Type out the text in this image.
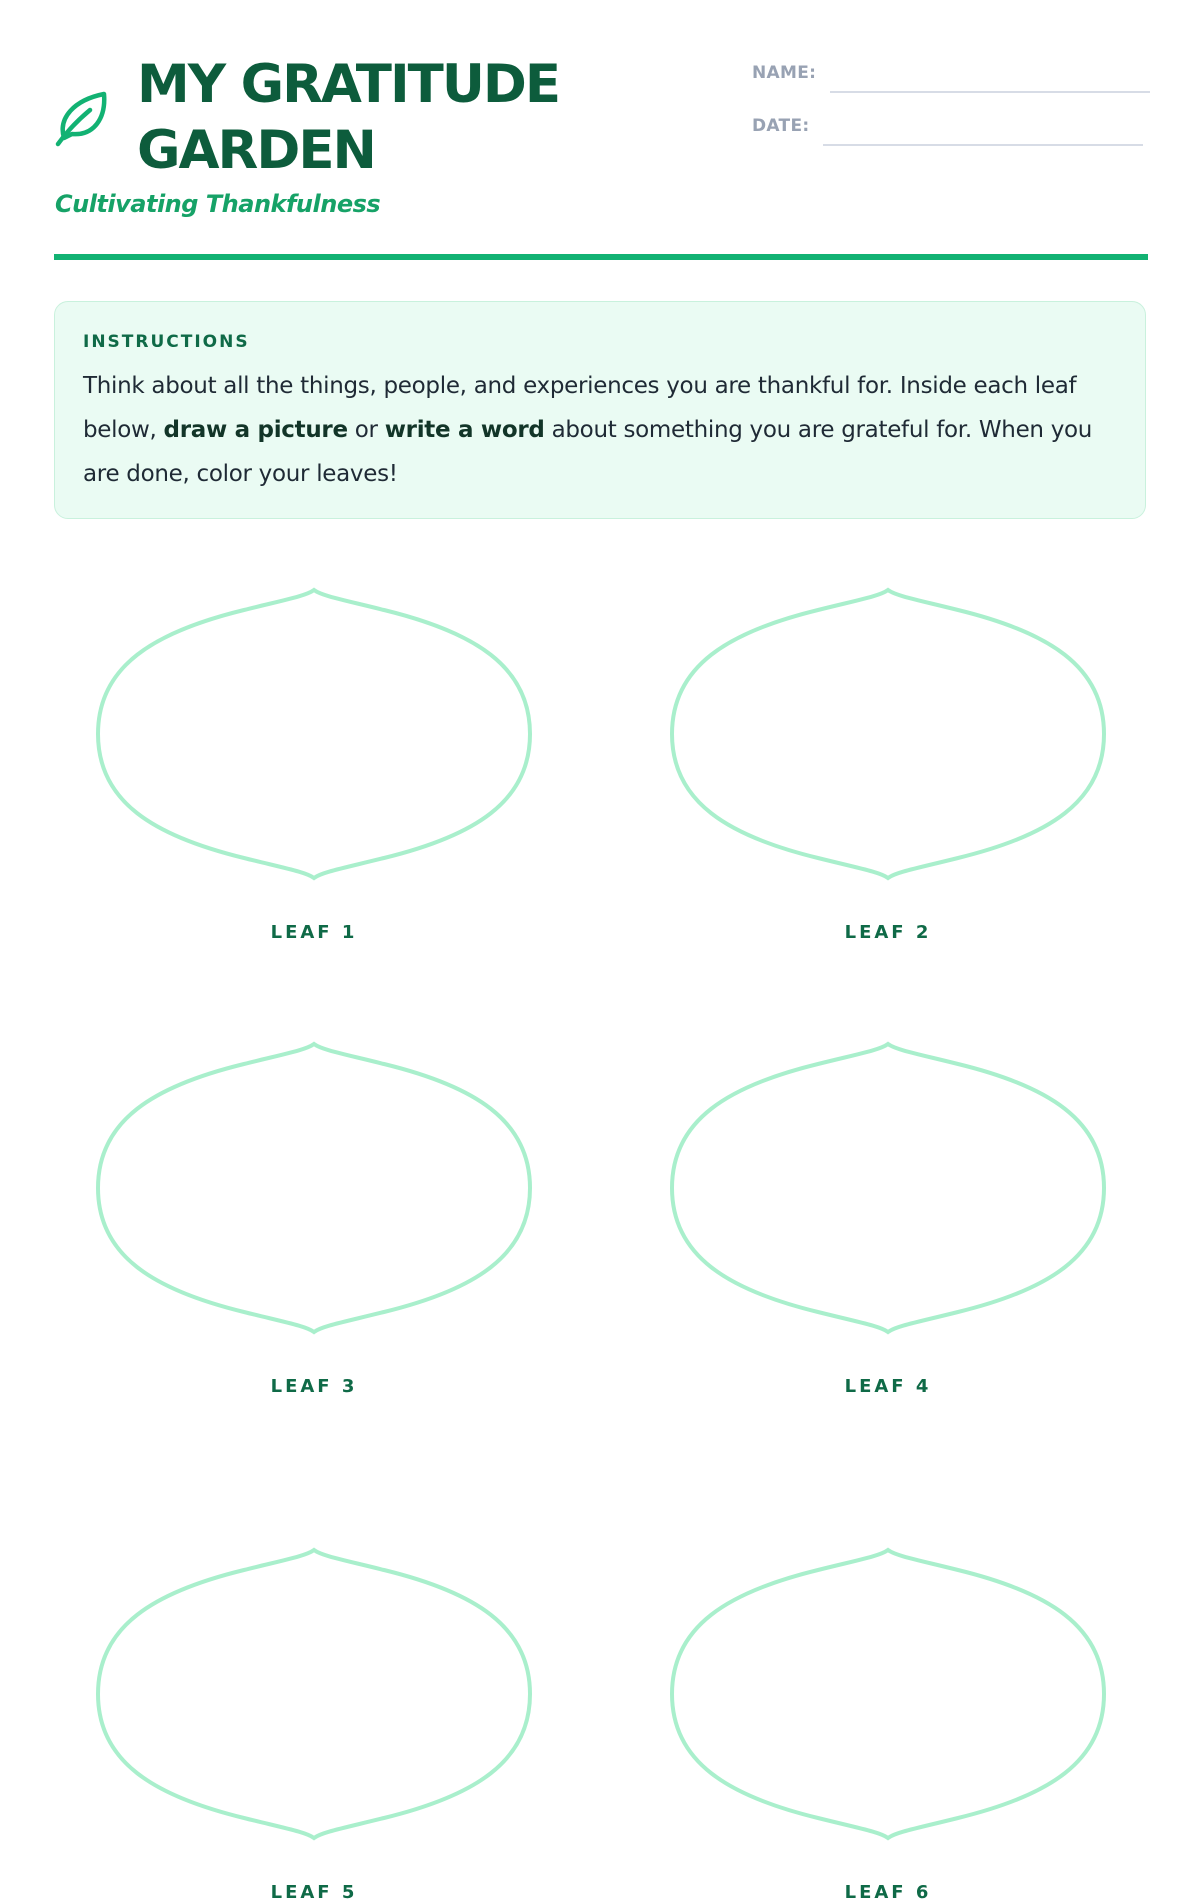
MY GRATITUDE
GARDEN
Cultivating Thankfulness
NAME:
DATE:

INSTRUCTIONS

Think about all the things, people, and experiences you are thankful for. Inside each leaf below, draw a picture or write a word about something you are grateful for. When you are done, color your leaves!

LEAF 1	LEAF 2
LEAF 3	LEAF 4
LEAF 5	LEAF 6
